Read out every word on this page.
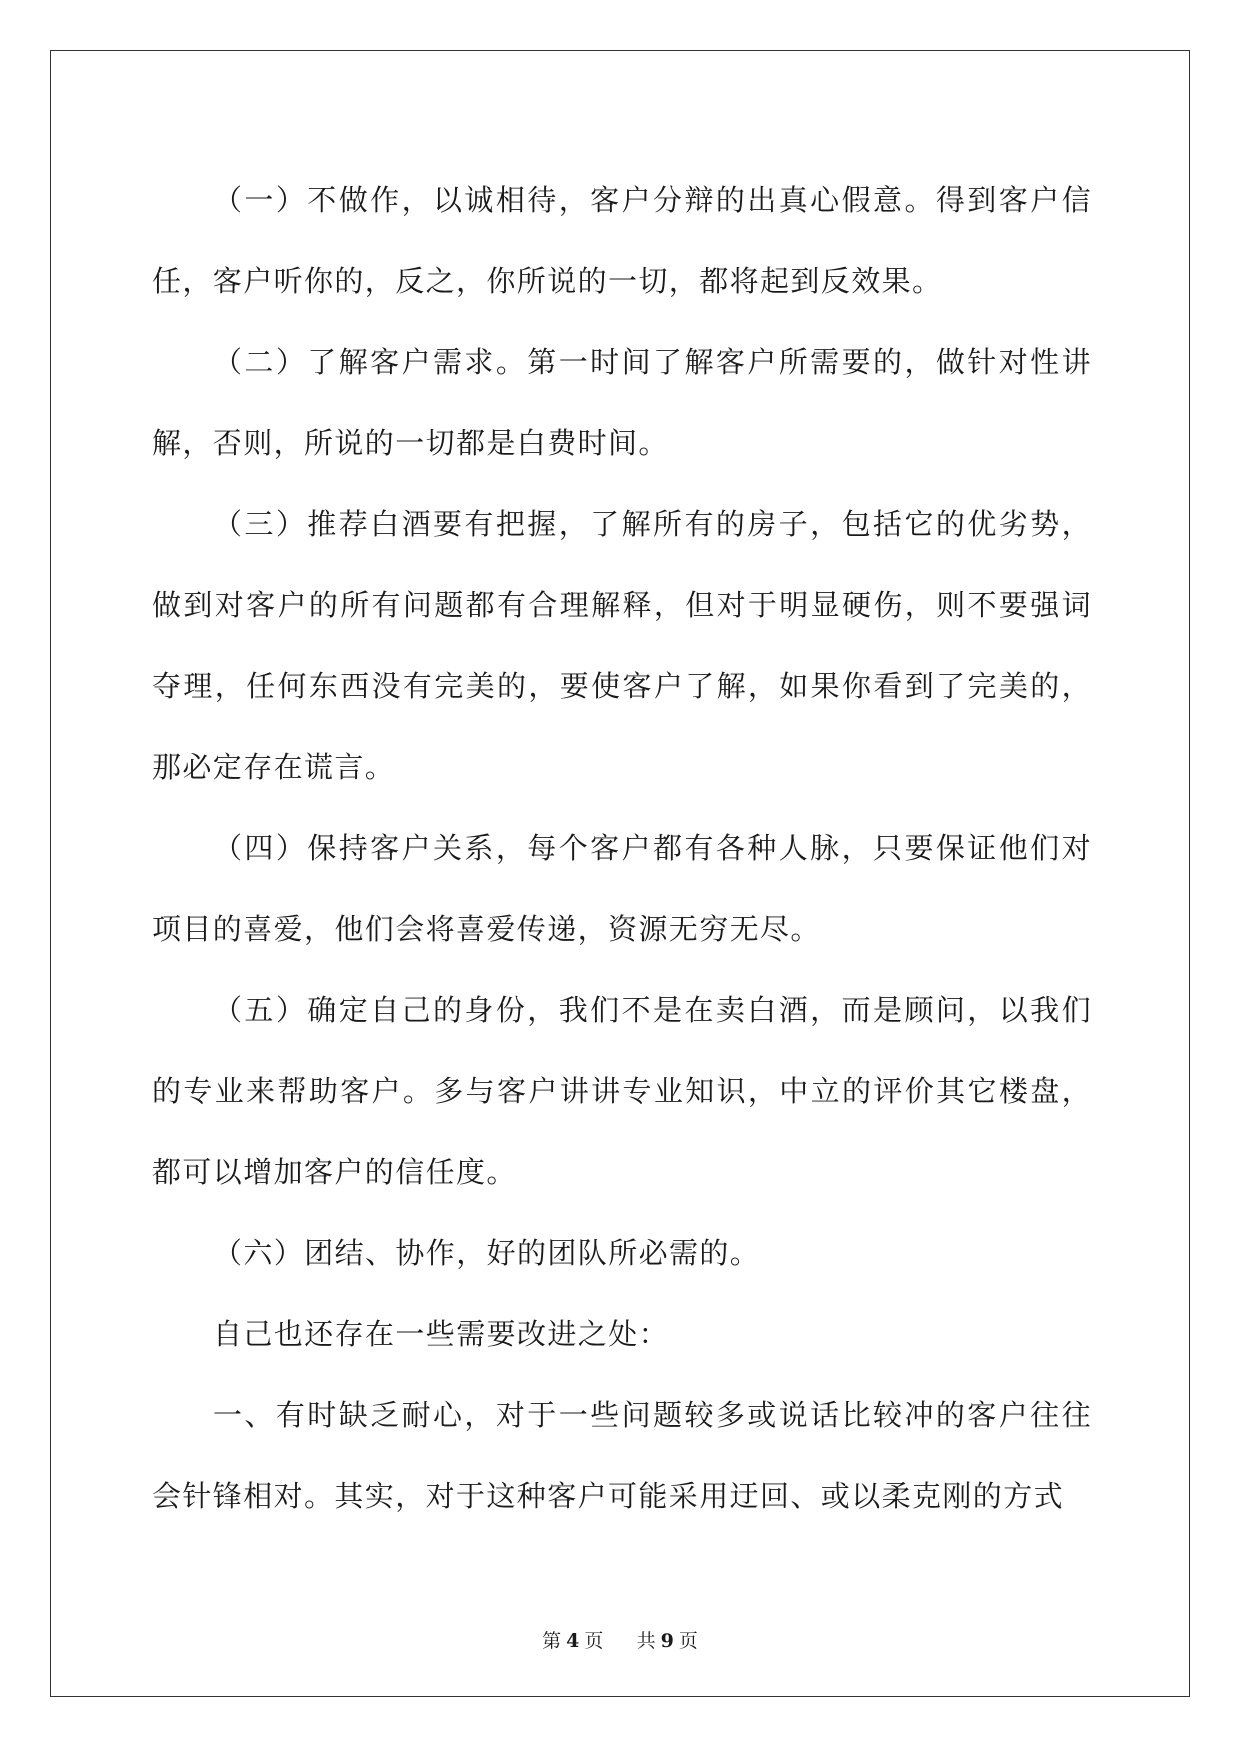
（一）不做作，以诚相待，客户分辩的出真心假意。得到客户信任，客户听你的，反之，你所说的一切，都将起到反效果。

（二）了解客户需求。第一时间了解客户所需要的，做针对性讲解，否则，所说的一切都是白费时间。

（三）推荐白酒要有把握，了解所有的房子，包括它的优劣势，做到对客户的所有问题都有合理解释，但对于明显硬伤，则不要强词夺理，任何东西没有完美的，要使客户了解，如果你看到了完美的，那必定存在谎言。

（四）保持客户关系，每个客户都有各种人脉，只要保证他们对项目的喜爱，他们会将喜爱传递，资源无穷无尽。

（五）确定自己的身份，我们不是在卖白酒，而是顾问，以我们的专业来帮助客户。多与客户讲讲专业知识，中立的评价其它楼盘，都可以增加客户的信任度。

（六）团结、协作，好的团队所必需的。

自己也还存在一些需要改进之处：

一、有时缺乏耐心，对于一些问题较多或说话比较冲的客户往往会针锋相对。其实，对于这种客户可能采用迂回、或以柔克刚的方式

第 4 页 共 9 页
